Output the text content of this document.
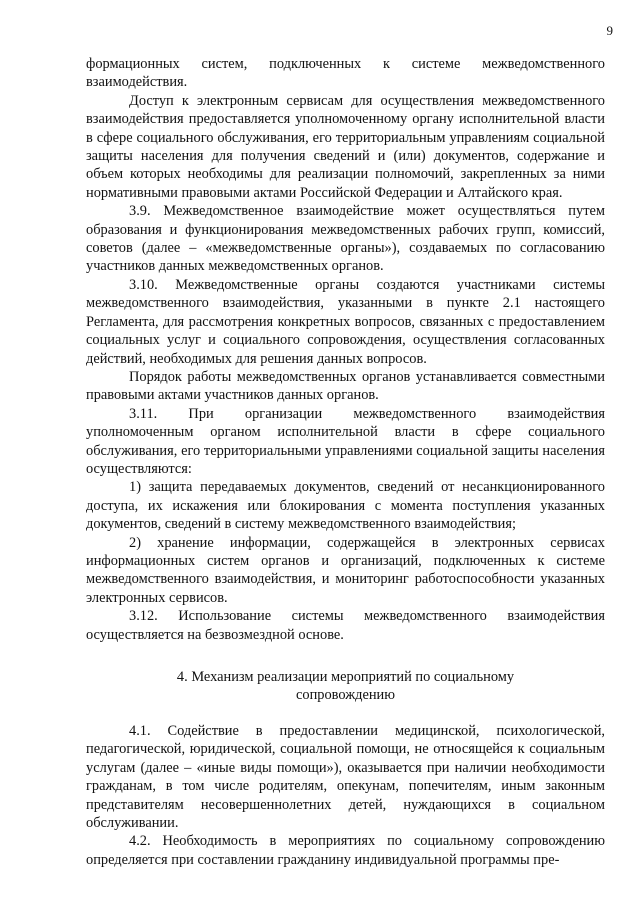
9

формационных систем, подключенных к системе межведомственного взаимодействия.

Доступ к электронным сервисам для осуществления межведомственного взаимодействия предоставляется уполномоченному органу исполнительной власти в сфере социального обслуживания, его территориальным управлениям социальной защиты населения для получения сведений и (или) документов, содержание и объем которых необходимы для реализации полномочий, закрепленных за ними нормативными правовыми актами Российской Федерации и Алтайского края.

3.9. Межведомственное взаимодействие может осуществляться путем образования и функционирования межведомственных рабочих групп, комиссий, советов (далее – «межведомственные органы»), создаваемых по согласованию участников данных межведомственных органов.

3.10. Межведомственные органы создаются участниками системы межведомственного взаимодействия, указанными в пункте 2.1 настоящего Регламента, для рассмотрения конкретных вопросов, связанных с предоставлением социальных услуг и социального сопровождения, осуществления согласованных действий, необходимых для решения данных вопросов.

Порядок работы межведомственных органов устанавливается совместными правовыми актами участников данных органов.

3.11. При организации межведомственного взаимодействия уполномоченным органом исполнительной власти в сфере социального обслуживания, его территориальными управлениями социальной защиты населения осуществляются:

1) защита передаваемых документов, сведений от несанкционированного доступа, их искажения или блокирования с момента поступления указанных документов, сведений в систему межведомственного взаимодействия;

2) хранение информации, содержащейся в электронных сервисах информационных систем органов и организаций, подключенных к системе межведомственного взаимодействия, и мониторинг работоспособности указанных электронных сервисов.

3.12. Использование системы межведомственного взаимодействия осуществляется на безвозмездной основе.

4. Механизм реализации мероприятий по социальному
сопровождению

4.1. Содействие в предоставлении медицинской, психологической, педагогической, юридической, социальной помощи, не относящейся к социальным услугам (далее – «иные виды помощи»), оказывается при наличии необходимости гражданам, в том числе родителям, опекунам, попечителям, иным законным представителям несовершеннолетних детей, нуждающихся в социальном обслуживании.

4.2. Необходимость в мероприятиях по социальному сопровождению определяется при составлении гражданину индивидуальной программы пре-
